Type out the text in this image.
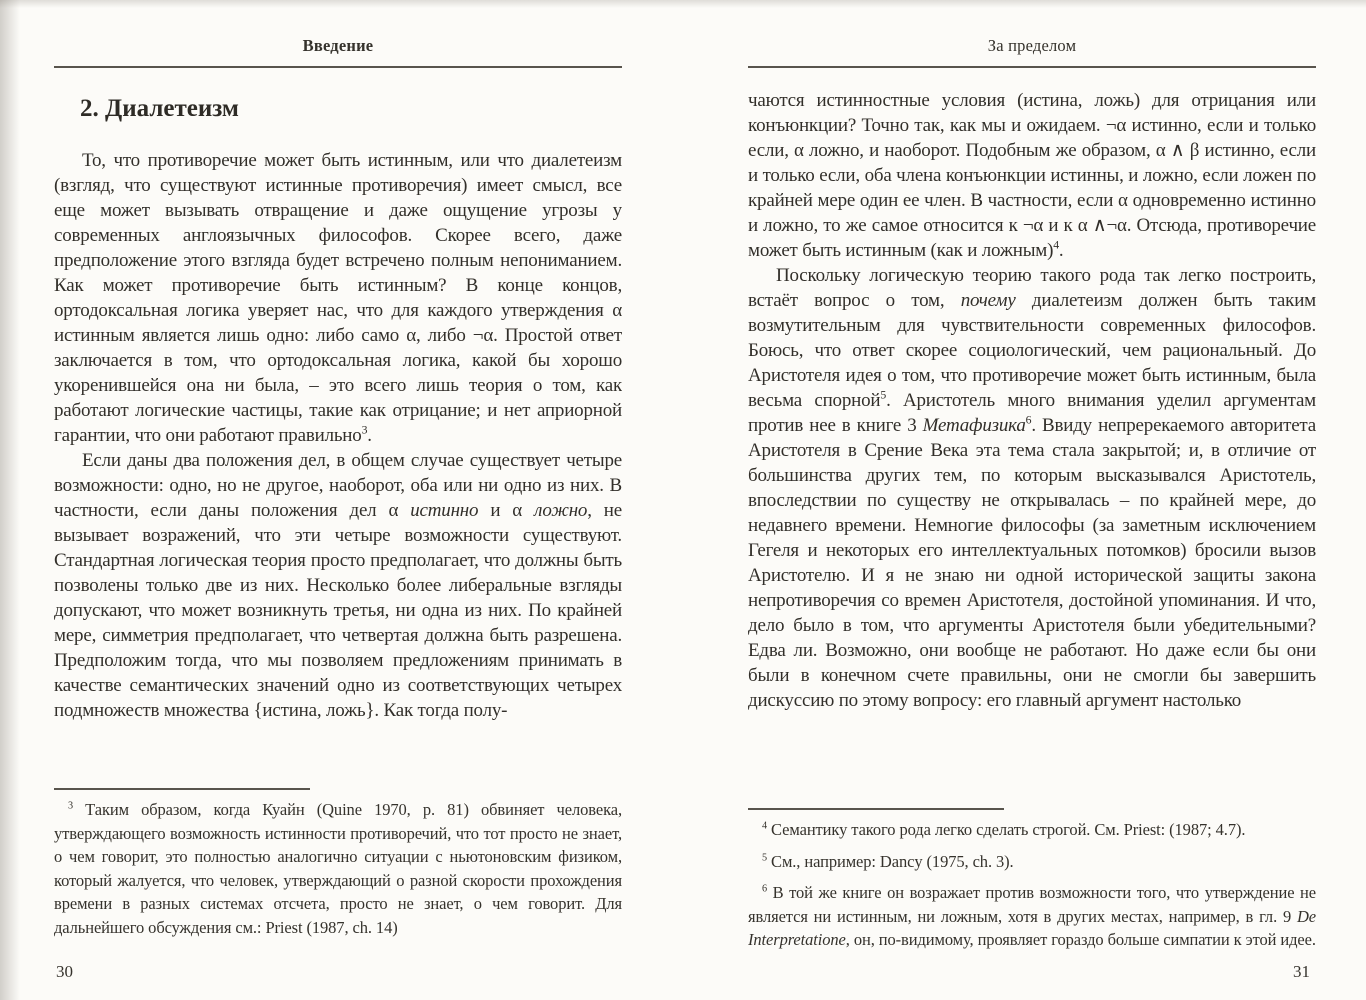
Введение
2. Диалетеизм

То, что противоречие может быть истинным, или что диалетеизм (взгляд, что существуют истинные противоречия) имеет смысл, все еще может вызывать отвращение и даже ощущение угрозы у современных англоязычных философов. Скорее всего, даже предположение этого взгляда будет встречено полным непониманием. Как может противоречие быть истинным? В конце концов, ортодоксальная логика уверяет нас, что для каждого утверждения α истинным является лишь одно: либо само α, либо ¬α. Простой ответ заключается в том, что ортодоксальная логика, какой бы хорошо укоренившейся она ни была, – это всего лишь теория о том, как работают логические частицы, такие как отрицание; и нет априорной гарантии, что они работают правильно$^3$.

Если даны два положения дел, в общем случае существует четыре возможности: одно, но не другое, наоборот, оба или ни одно из них. В частности, если даны положения дел α истинно и α ложно, не вызывает возражений, что эти четыре возможности существуют. Стандартная логическая теория просто предполагает, что должны быть позволены только две из них. Несколько более либеральные взгляды допускают, что может возникнуть третья, ни одна из них. По крайней мере, симметрия предполагает, что четвертая должна быть разрешена. Предположим тогда, что мы позволяем предложениям принимать в качестве семантических значений одно из соответствующих четырех подмножеств множества {истина, ложь}. Как тогда полу-

$^3$ Таким образом, когда Куайн (Quine 1970, p. 81) обвиняет человека, утверждающего возможность истинности противоречий, что тот просто не знает, о чем говорит, это полностью аналогично ситуации с ньютоновским физиком, который жалуется, что человек, утверждающий о разной скорости прохождения времени в разных системах отсчета, просто не знает, о чем говорит. Для дальнейшего обсуждения см.: Priest (1987, ch. 14)

30
За пределом

чаются истинностные условия (истина, ложь) для отрицания или конъюнкции? Точно так, как мы и ожидаем. ¬α истинно, если и только если, α ложно, и наоборот. Подобным же образом, α ∧ β истинно, если и только если, оба члена конъюнкции истинны, и ложно, если ложен по крайней мере один ее член. В частности, если α одновременно истинно и ложно, то же самое относится к ¬α и к α ∧¬α. Отсюда, противоречие может быть истинным (как и ложным)$^4$.

Поскольку логическую теорию такого рода так легко построить, встаёт вопрос о том, почему диалетеизм должен быть таким возмутительным для чувствительности современных философов. Боюсь, что ответ скорее социологический, чем рациональный. До Аристотеля идея о том, что противоречие может быть истинным, была весьма спорной$^5$. Аристотель много внимания уделил аргументам против нее в книге 3 Метафизика$^6$. Ввиду непререкаемого авторитета Аристотеля в Срение Века эта тема стала закрытой; и, в отличие от большинства других тем, по которым высказывался Аристотель, впоследствии по существу не открывалась – по крайней мере, до недавнего времени. Немногие философы (за заметным исключением Гегеля и некоторых его интеллектуальных потомков) бросили вызов Аристотелю. И я не знаю ни одной исторической защиты закона непротиворечия со времен Аристотеля, достойной упоминания. И что, дело было в том, что аргументы Аристотеля были убедительными? Едва ли. Возможно, они вообще не работают. Но даже если бы они были в конечном счете правильны, они не смогли бы завершить дискуссию по этому вопросу: его главный аргумент настолько

$^4$ Семантику такого рода легко сделать строгой. См. Priest: (1987; 4.7).

$^5$ См., например: Dancy (1975, ch. 3).

$^6$ В той же книге он возражает против возможности того, что утверждение не является ни истинным, ни ложным, хотя в других местах, например, в гл. 9 De Interpretatione, он, по-видимому, проявляет гораздо больше симпатии к этой идее.

31
